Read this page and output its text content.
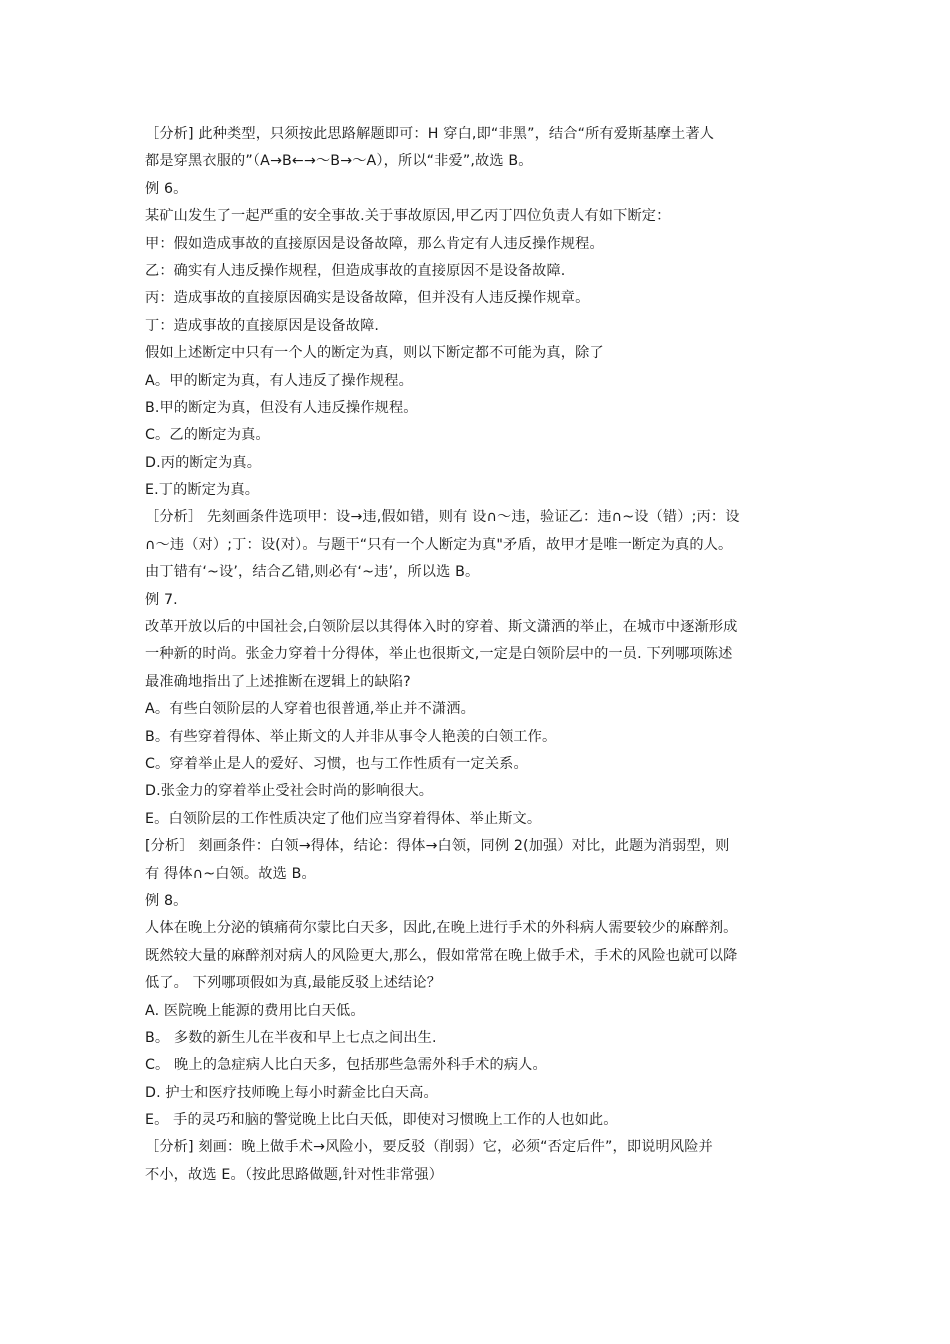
［分析] 此种类型，只须按此思路解题即可：H 穿白,即“非黑”，结合“所有爱斯基摩土著人
都是穿黑衣服的”（A→B←→～B→～A），所以“非爱”,故选 B。
例 6。
某矿山发生了一起严重的安全事故.关于事故原因,甲乙丙丁四位负责人有如下断定：
甲：假如造成事故的直接原因是设备故障，那么肯定有人违反操作规程。
乙：确实有人违反操作规程，但造成事故的直接原因不是设备故障.
丙：造成事故的直接原因确实是设备故障，但并没有人违反操作规章。
丁：造成事故的直接原因是设备故障.
假如上述断定中只有一个人的断定为真，则以下断定都不可能为真，除了
A。甲的断定为真，有人违反了操作规程。
B.甲的断定为真，但没有人违反操作规程。
C。乙的断定为真。
D.丙的断定为真。
E.丁的断定为真。
［分析］ 先刻画条件选项甲：设→违,假如错，则有 设∩～违，验证乙：违∩~设（错）;丙：设
∩～违（对）;丁：设(对）。与题干“只有一个人断定为真"矛盾，故甲才是唯一断定为真的人。
由丁错有‘~设’，结合乙错,则必有‘~违’，所以选 B。
例 7.
改革开放以后的中国社会,白领阶层以其得体入时的穿着、斯文潇洒的举止，在城市中逐渐形成
一种新的时尚。张金力穿着十分得体，举止也很斯文,一定是白领阶层中的一员. 下列哪项陈述
最准确地指出了上述推断在逻辑上的缺陷?
A。有些白领阶层的人穿着也很普通,举止并不潇洒。
B。有些穿着得体、举止斯文的人并非从事令人艳羡的白领工作。
C。穿着举止是人的爱好、习惯，也与工作性质有一定关系。
D.张金力的穿着举止受社会时尚的影响很大。
E。白领阶层的工作性质决定了他们应当穿着得体、举止斯文。
[分析］ 刻画条件：白领→得体，结论：得体→白领，同例 2(加强）对比，此题为消弱型，则
有 得体∩~白领。故选 B。
例 8。
人体在晚上分泌的镇痛荷尔蒙比白天多，因此,在晚上进行手术的外科病人需要较少的麻醉剂。
既然较大量的麻醉剂对病人的风险更大,那么，假如常常在晚上做手术，手术的风险也就可以降
低了。 下列哪项假如为真,最能反驳上述结论？
A. 医院晚上能源的费用比白天低。
B。 多数的新生儿在半夜和早上七点之间出生.
C。 晚上的急症病人比白天多，包括那些急需外科手术的病人。
D. 护士和医疗技师晚上每小时薪金比白天高。
E。 手的灵巧和脑的警觉晚上比白天低，即使对习惯晚上工作的人也如此。
［分析] 刻画：晚上做手术→风险小，要反驳（削弱）它，必须“否定后件”，即说明风险并
不小，故选 E。（按此思路做题,针对性非常强）
